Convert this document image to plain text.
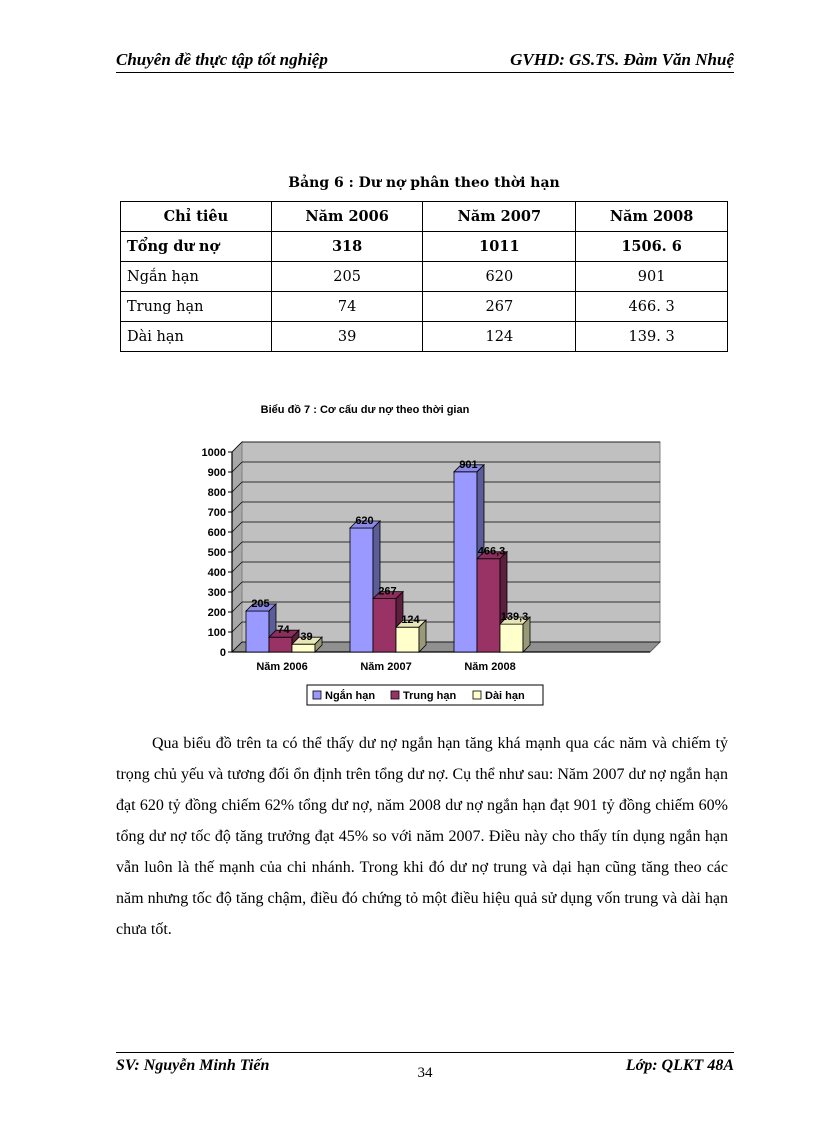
Chuyên đề thực tập tốt nghiệp	GVHD: GS.TS. Đàm Văn Nhuệ
Bảng 6 : Dư nợ phân theo thời hạn
Chỉ tiêu	Năm 2006	Năm 2007	Năm 2008
Tổng dư nợ	318	1011	1506. 6
Ngắn hạn	205	620	901
Trung hạn	74	267	466. 3
Dài hạn	39	124	139. 3
Biểu đồ 7 : Cơ cấu dư nợ theo thời gian
0
100
200
300
400
500
600
700
800
900
1000
205
74
39
Năm 2006
620
267
124
Năm 2007
901
466,3
139,3
Năm 2008
Ngắn hạn	Trung hạn	Dài hạn

Qua biểu đồ trên ta có thể thấy dư nợ ngắn hạn tăng khá mạnh qua các năm và chiếm tỷ trọng chủ yếu và tương đối ổn định trên tổng dư nợ. Cụ thể như sau: Năm 2007 dư nợ ngắn hạn đạt 620 tỷ đồng chiếm 62% tổng dư nợ, năm 2008 dư nợ ngắn hạn đạt 901 tỷ đồng chiếm 60% tổng dư nợ tốc độ tăng trưởng đạt 45% so với năm 2007. Điều này cho thấy tín dụng ngắn hạn vẫn luôn là thế mạnh của chi nhánh. Trong khi đó dư nợ trung và dại hạn cũng tăng theo các năm nhưng tốc độ tăng chậm, điều đó chứng tỏ một điều hiệu quả sử dụng vốn trung và dài hạn chưa tốt.

SV: Nguyễn Minh Tiến	34	Lớp: QLKT 48A
